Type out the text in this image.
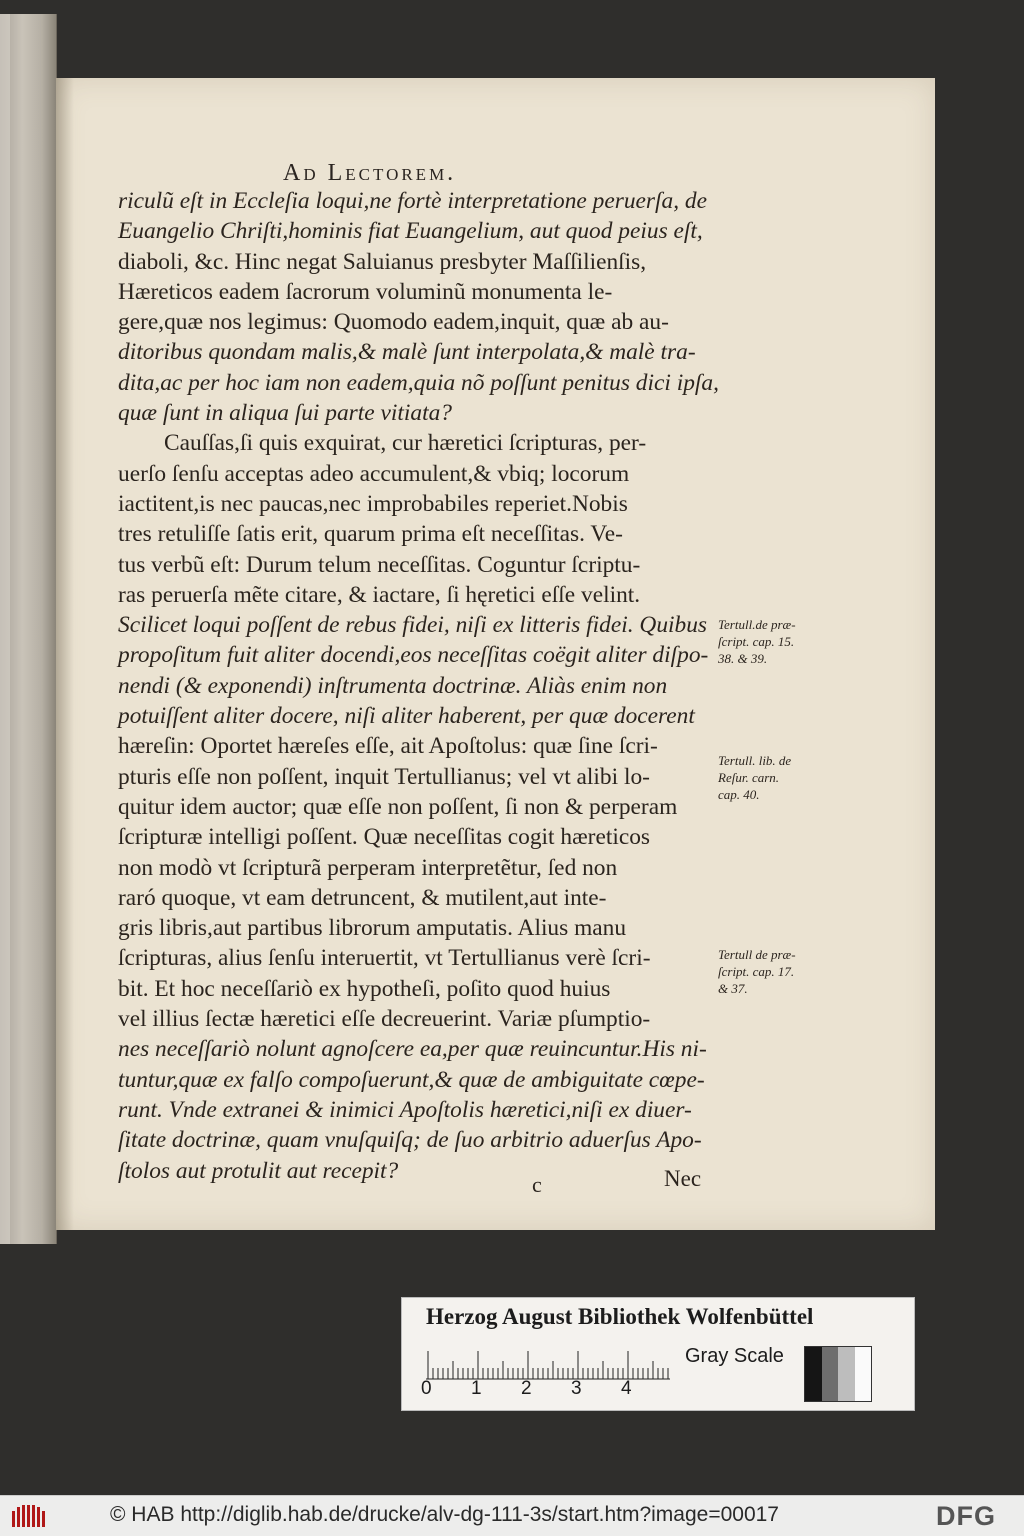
Ad Lectorem.
riculũ eſt in Eccleſia loqui,ne fortè interpretatione peruerſa, de
Euangelio Chriſti,hominis fiat Euangelium, aut quod peius eſt,
diaboli, &c. Hinc negat Saluianus presbyter Maſſilienſis,
Hæreticos eadem ſacrorum voluminũ monumenta le-
gere,quæ nos legimus: Quomodo eadem,inquit, quæ ab au-
ditoribus quondam malis,& malè ſunt interpolata,& malè tra-
dita,ac per hoc iam non eadem,quia nõ poſſunt penitus dici ipſa,
quæ ſunt in aliqua ſui parte vitiata?
Cauſſas,ſi quis exquirat, cur hæretici ſcripturas, per-
uerſo ſenſu acceptas adeo accumulent,& vbiq; locorum
iactitent,is nec paucas,nec improbabiles reperiet.Nobis
tres retuliſſe ſatis erit, quarum prima eſt neceſſitas. Ve-
tus verbũ eſt: Durum telum neceſſitas. Coguntur ſcriptu-
ras peruerſa mẽte citare, & iactare, ſi hęretici eſſe velint.
Scilicet loqui poſſent de rebus fidei, niſi ex litteris fidei. Quibus
propoſitum fuit aliter docendi,eos neceſſitas coëgit aliter diſpo-
nendi (& exponendi) inſtrumenta doctrinæ. Aliàs enim non
potuiſſent aliter docere, niſi aliter haberent, per quæ docerent
hæreſin: Oportet hæreſes eſſe, ait Apoſtolus: quæ ſine ſcri-
pturis eſſe non poſſent, inquit Tertullianus; vel vt alibi lo-
quitur idem auctor; quæ eſſe non poſſent, ſi non & perperam
ſcripturæ intelligi poſſent. Quæ neceſſitas cogit hæreticos
non modò vt ſcripturã perperam interpretẽtur, ſed non
raró quoque, vt eam detruncent, & mutilent,aut inte-
gris libris,aut partibus librorum amputatis. Alius manu
ſcripturas, alius ſenſu interuertit, vt Tertullianus verè ſcri-
bit. Et hoc neceſſariò ex hypotheſi, poſito quod huius
vel illius ſectæ hæretici eſſe decreuerint. Variæ pſumptio-
nes neceſſariò nolunt agnoſcere ea,per quæ reuincuntur.His ni-
tuntur,quæ ex falſo compoſuerunt,& quæ de ambiguitate cœpe-
runt. Vnde extranei & inimici Apoſtolis hæretici,niſi ex diuer-
ſitate doctrinæ, quam vnuſquiſq; de ſuo arbitrio aduerſus Apo-
ſtolos aut protulit aut recepit?
Tertull.de præ-
ſcript. cap. 15.
38. & 39.
Tertull. lib. de
Reſur. carn.
cap. 40.
Tertull de præ-
ſcript. cap. 17.
& 37.
c	Nec
Herzog August Bibliothek Wolfenbüttel
0 1 2 3 4
Gray Scale
© HAB http://diglib.hab.de/drucke/alv-dg-111-3s/start.htm?image=00017	DFG
